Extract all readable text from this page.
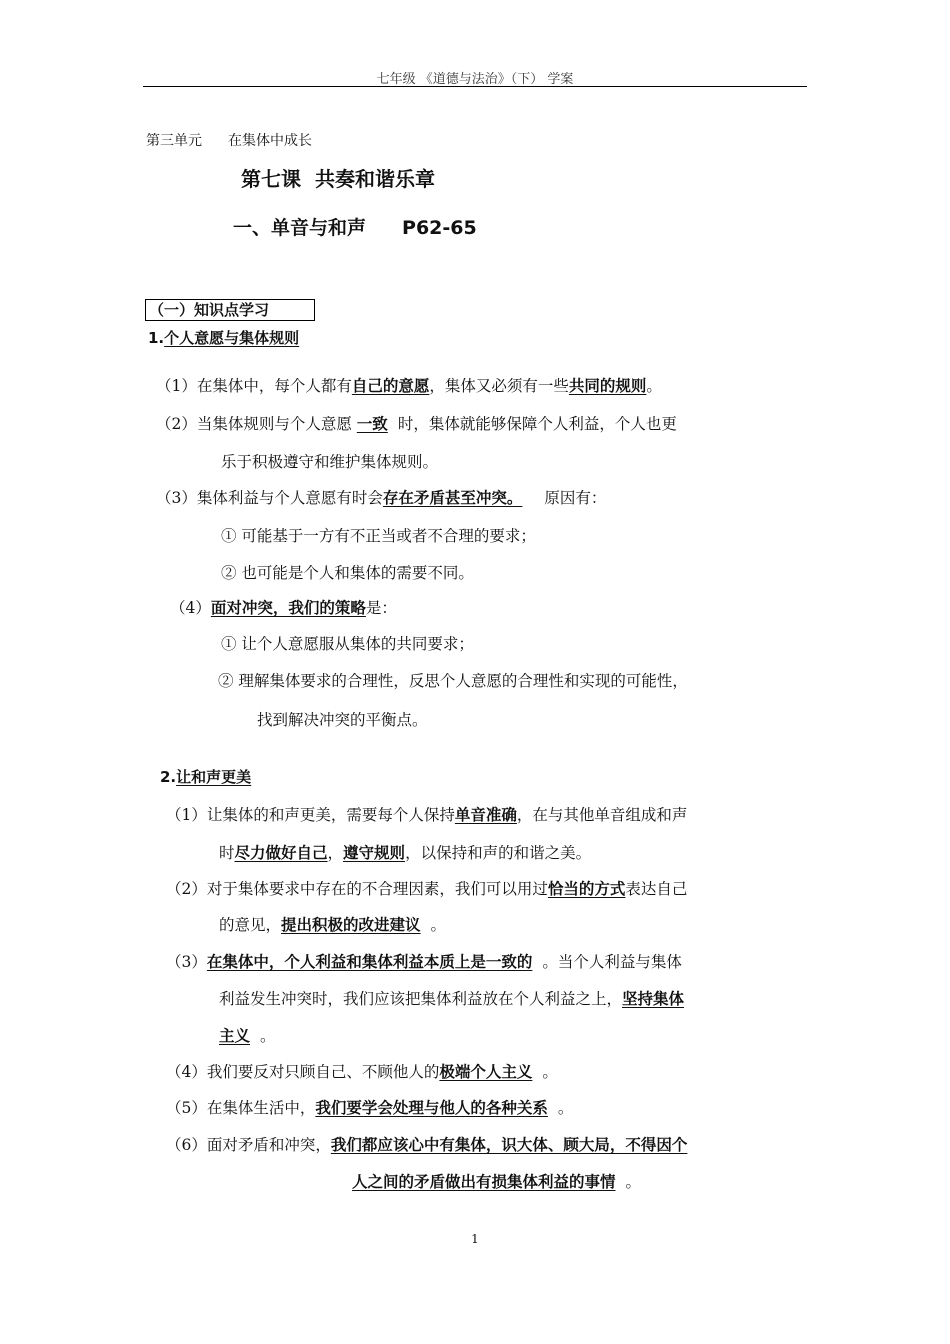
七年级 《道德与法治》（下） 学案
第三单元 在集体中成长
第七课 共奏和谐乐章
一、单音与和声 P62-65
（一）知识点学习
1.个人意愿与集体规则
（1）在集体中，每个人都有自己的意愿，集体又必须有一些共同的规则。
（2）当集体规则与个人意愿 一致 时，集体就能够保障个人利益，个人也更
乐于积极遵守和维护集体规则。
（3）集体利益与个人意愿有时会存在矛盾甚至冲突。 原因有：
① 可能基于一方有不正当或者不合理的要求；
② 也可能是个人和集体的需要不同。
（4）面对冲突，我们的策略是：
① 让个人意愿服从集体的共同要求；
② 理解集体要求的合理性，反思个人意愿的合理性和实现的可能性，
找到解决冲突的平衡点。
2.让和声更美
（1）让集体的和声更美，需要每个人保持单音准确，在与其他单音组成和声
时尽力做好自己，遵守规则，以保持和声的和谐之美。
（2）对于集体要求中存在的不合理因素，我们可以用过恰当的方式表达自己
的意见，提出积极的改进建议 。
（3）在集体中，个人利益和集体利益本质上是一致的 。当个人利益与集体
利益发生冲突时，我们应该把集体利益放在个人利益之上，坚持集体
主义 。
（4）我们要反对只顾自己、不顾他人的极端个人主义 。
（5）在集体生活中，我们要学会处理与他人的各种关系 。
（6）面对矛盾和冲突，我们都应该心中有集体，识大体、顾大局，不得因个
人之间的矛盾做出有损集体利益的事情 。
1
